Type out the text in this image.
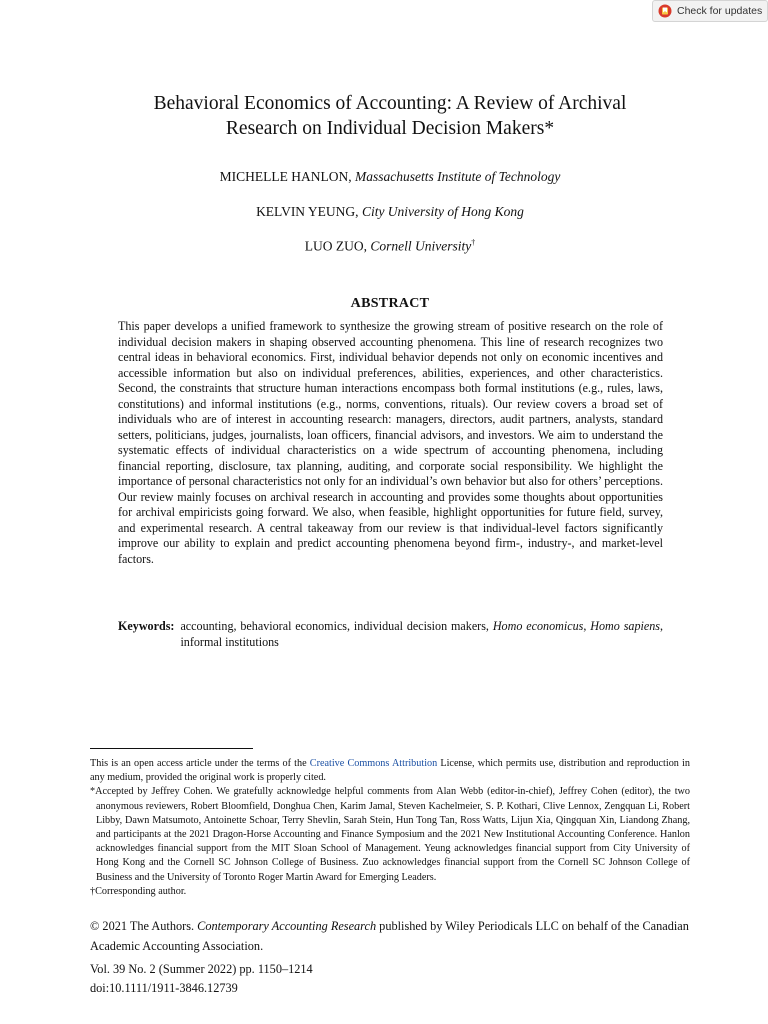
Check for updates
Behavioral Economics of Accounting: A Review of Archival
Research on Individual Decision Makers*

MICHELLE HANLON, Massachusetts Institute of Technology

KELVIN YEUNG, City University of Hong Kong

LUO ZUO, Cornell University†

ABSTRACT

This paper develops a unified framework to synthesize the growing stream of positive research on the role of individual decision makers in shaping observed accounting phenomena. This line of research recognizes two central ideas in behavioral economics. First, individual behavior depends not only on economic incentives and accessible information but also on individual preferences, abilities, experiences, and other characteristics. Second, the constraints that structure human interactions encompass both formal institutions (e.g., rules, laws, constitutions) and informal institutions (e.g., norms, conventions, rituals). Our review covers a broad set of individuals who are of interest in accounting research: managers, directors, audit partners, analysts, standard setters, politicians, judges, journalists, loan officers, financial advisors, and investors. We aim to understand the systematic effects of individual characteristics on a wide spectrum of accounting phenomena, including financial reporting, disclosure, tax planning, auditing, and corporate social responsibility. We highlight the importance of personal characteristics not only for an individual’s own behavior but also for others’ perceptions. Our review mainly focuses on archival research in accounting and provides some thoughts about opportunities for archival empiricists going forward. We also, when feasible, highlight opportunities for future field, survey, and experimental research. A central takeaway from our review is that individual-level factors significantly improve our ability to explain and predict accounting phenomena beyond firm-, industry-, and market-level factors.

Keywords: accounting, behavioral economics, individual decision makers, Homo economicus, Homo sapiens, informal institutions

This is an open access article under the terms of the Creative Commons Attribution License, which permits use, distribution and reproduction in any medium, provided the original work is properly cited.

*Accepted by Jeffrey Cohen. We gratefully acknowledge helpful comments from Alan Webb (editor-in-chief), Jeffrey Cohen (editor), the two anonymous reviewers, Robert Bloomfield, Donghua Chen, Karim Jamal, Steven Kachelmeier, S. P. Kothari, Clive Lennox, Zengquan Li, Robert Libby, Dawn Matsumoto, Antoinette Schoar, Terry Shevlin, Sarah Stein, Hun Tong Tan, Ross Watts, Lijun Xia, Qingquan Xin, Liandong Zhang, and participants at the 2021 Dragon-Horse Accounting and Finance Symposium and the 2021 New Institutional Accounting Conference. Hanlon acknowledges financial support from the MIT Sloan School of Management. Yeung acknowledges financial support from City University of Hong Kong and the Cornell SC Johnson College of Business. Zuo acknowledges financial support from the Cornell SC Johnson College of Business and the University of Toronto Roger Martin Award for Emerging Leaders.

†Corresponding author.

© 2021 The Authors. Contemporary Accounting Research published by Wiley Periodicals LLC on behalf of the Canadian Academic Accounting Association.

Vol. 39 No. 2 (Summer 2022) pp. 1150–1214

doi:10.1111/1911-3846.12739
